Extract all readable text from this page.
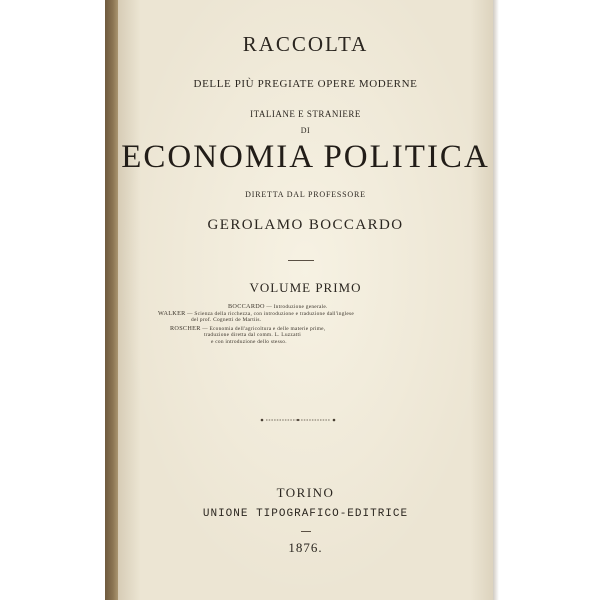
RACCOLTA
DELLE PIÙ PREGIATE OPERE MODERNE
ITALIANE E STRANIERE
DI
ECONOMIA POLITICA
DIRETTA DAL PROFESSORE
GEROLAMO BOCCARDO
VOLUME PRIMO
BOCCARDO — Introduzione generale.
WALKER — Scienza della ricchezza, con introduzione e traduzione dall'inglese
del prof. Cognetti de Martiis.
ROSCHER — Economia dell'agricoltura e delle materie prime,
traduzione diretta dal comm. L. Luzzatti
e con introduzione dello stesso.
TORINO
UNIONE TIPOGRAFICO-EDITRICE
1876.
